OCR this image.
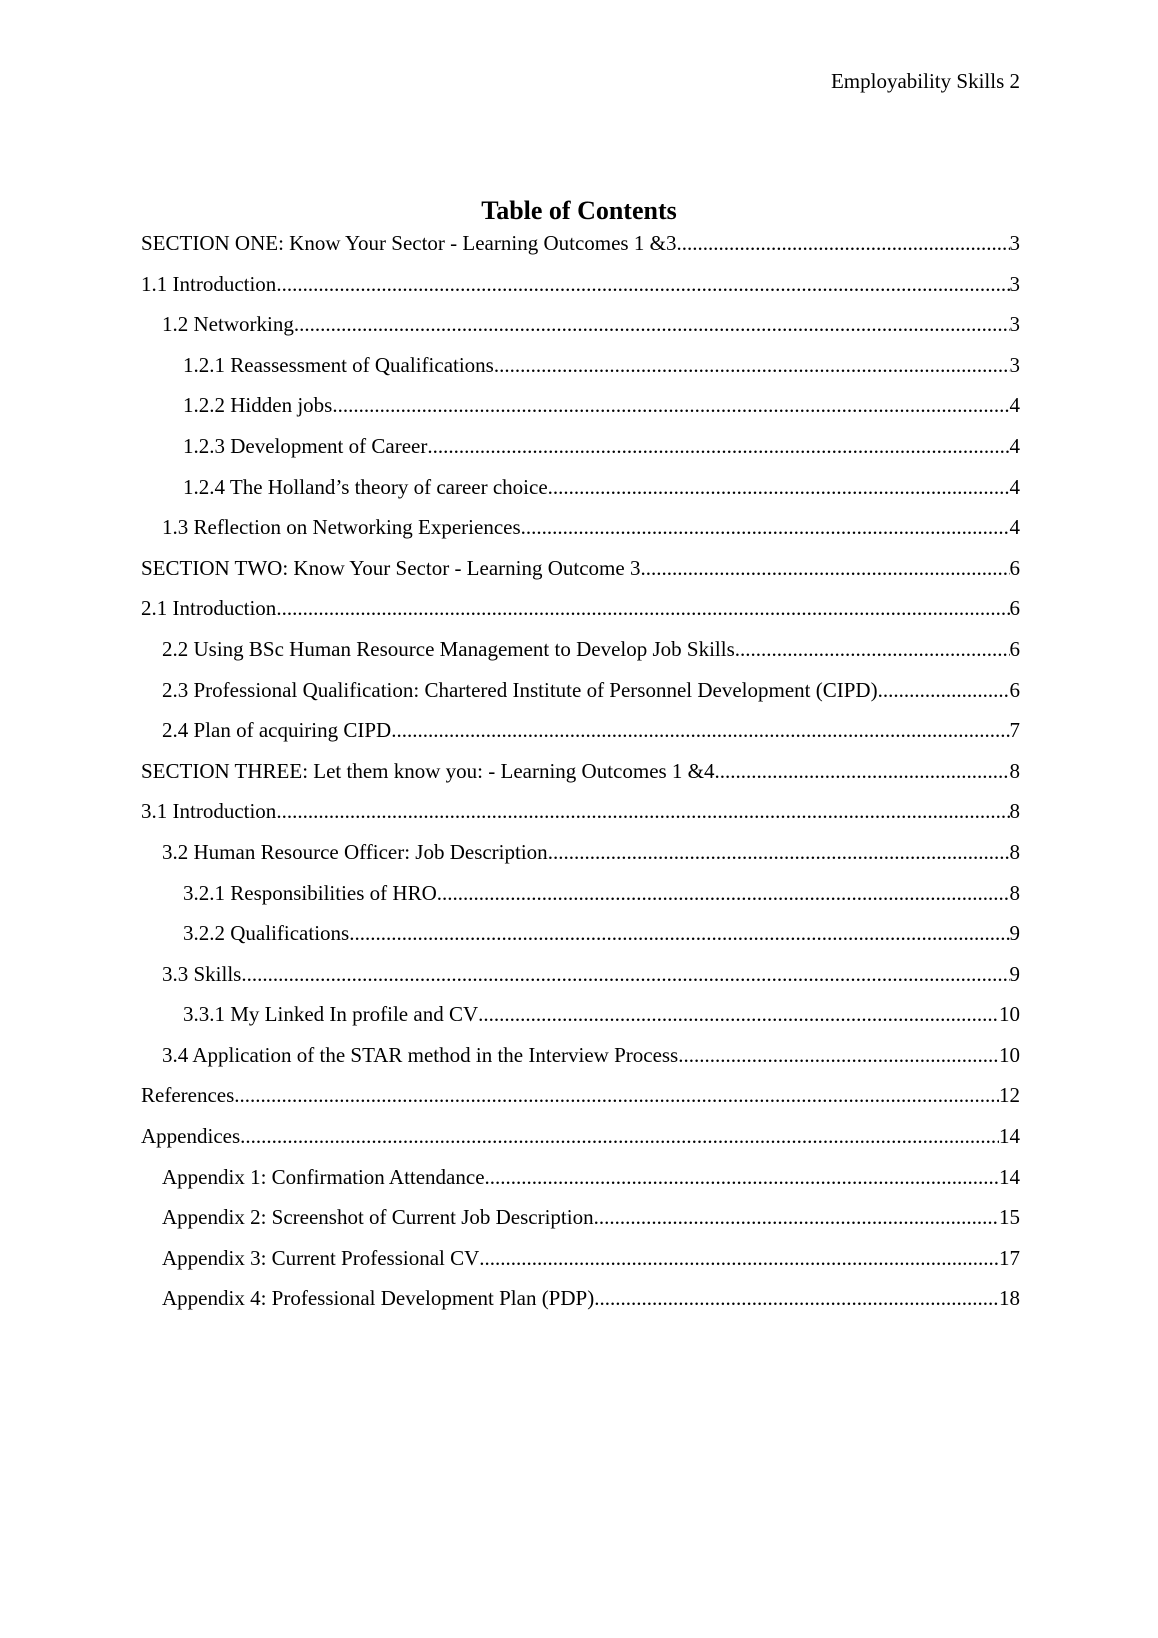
Employability Skills 2
Table of Contents
SECTION ONE: Know Your Sector - Learning Outcomes 1 &3 .....	3
1.1 Introduction .....	3
1.2 Networking .....	3
1.2.1 Reassessment of Qualifications .....	3
1.2.2 Hidden jobs .....	4
1.2.3 Development of Career .....	4
1.2.4 The Holland’s theory of career choice .....	4
1.3 Reflection on Networking Experiences .....	4
SECTION TWO: Know Your Sector - Learning Outcome 3 .....	6
2.1 Introduction .....	6
2.2 Using BSc Human Resource Management to Develop Job Skills .....	6
2.3 Professional Qualification: Chartered Institute of Personnel Development (CIPD) .....	6
2.4 Plan of acquiring CIPD .....	7
SECTION THREE: Let them know you: - Learning Outcomes 1 &4 .....	8
3.1 Introduction .....	8
3.2 Human Resource Officer: Job Description .....	8
3.2.1 Responsibilities of HRO .....	8
3.2.2 Qualifications .....	9
3.3 Skills .....	9
3.3.1 My Linked In profile and CV .....	10
3.4 Application of the STAR method in the Interview Process .....	10
References .....	12
Appendices .....	14
Appendix 1: Confirmation Attendance .....	14
Appendix 2: Screenshot of Current Job Description .....	15
Appendix 3: Current Professional CV .....	17
Appendix 4: Professional Development Plan (PDP) .....	18
